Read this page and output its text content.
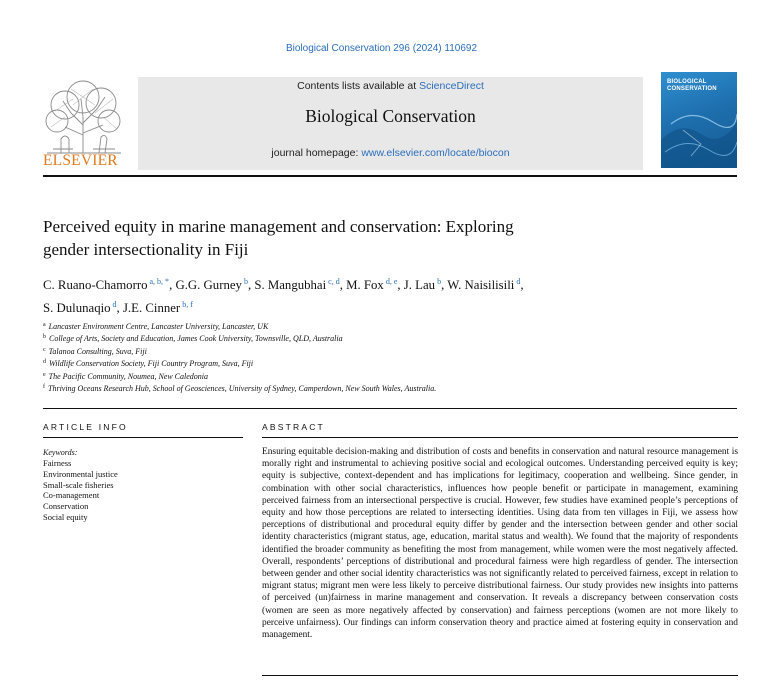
Biological Conservation 296 (2024) 110692
ELSEVIER
Contents lists available at ScienceDirect
Biological Conservation
journal homepage: www.elsevier.com/locate/biocon
BIOLOGICAL
CONSERVATION
Perceived equity in marine management and conservation: Exploring
gender intersectionality in Fiji
C. Ruano-Chamorro $^{a, b, *}$, G.G. Gurney $^b$, S. Mangubhai $^{c, d}$, M. Fox $^{d, e}$, J. Lau $^b$, W. Naisilisili $^d$,
S. Dulunaqio $^d$, J.E. Cinner $^{b, f}$
$^a$ Lancaster Environment Centre, Lancaster University, Lancaster, UK
$^b$ College of Arts, Society and Education, James Cook University, Townsville, QLD, Australia
$^c$ Talanoa Consulting, Suva, Fiji
$^d$ Wildlife Conservation Society, Fiji Country Program, Suva, Fiji
$^e$ The Pacific Community, Noumea, New Caledonia
$^f$ Thriving Oceans Research Hub, School of Geosciences, University of Sydney, Camperdown, New South Wales, Australia.
ARTICLE INFO	ABSTRACT
Keywords:
Fairness
Environmental justice
Small-scale fisheries
Co-management
Conservation
Social equity
Ensuring equitable decision-making and distribution of costs and benefits in conservation and natural resource management is morally right and instrumental to achieving positive social and ecological outcomes. Understanding perceived equity is key; equity is subjective, context-dependent and has implications for legitimacy, cooperation and wellbeing. Since gender, in combination with other social characteristics, influences how people benefit or participate in management, examining perceived fairness from an intersectional perspective is crucial. However, few studies have examined people’s perceptions of equity and how those perceptions are related to intersecting identities. Using data from ten villages in Fiji, we assess how perceptions of distributional and procedural equity differ by gender and the intersection between gender and other social identity characteristics (migrant status, age, education, marital status and wealth). We found that the majority of respondents identified the broader community as benefiting the most from management, while women were the most negatively affected. Overall, respondents’ perceptions of distributional and procedural fairness were high regardless of gender. The intersection between gender and other social identity characteristics was not significantly related to perceived fairness, except in relation to migrant status; migrant men were less likely to perceive distributional fairness. Our study provides new insights into patterns of perceived (un)fairness in marine management and conservation. It reveals a discrepancy between conservation costs (women are seen as more negatively affected by conservation) and fairness perceptions (women are not more likely to perceive unfairness). Our findings can inform conservation theory and practice aimed at fostering equity in conservation and management.
